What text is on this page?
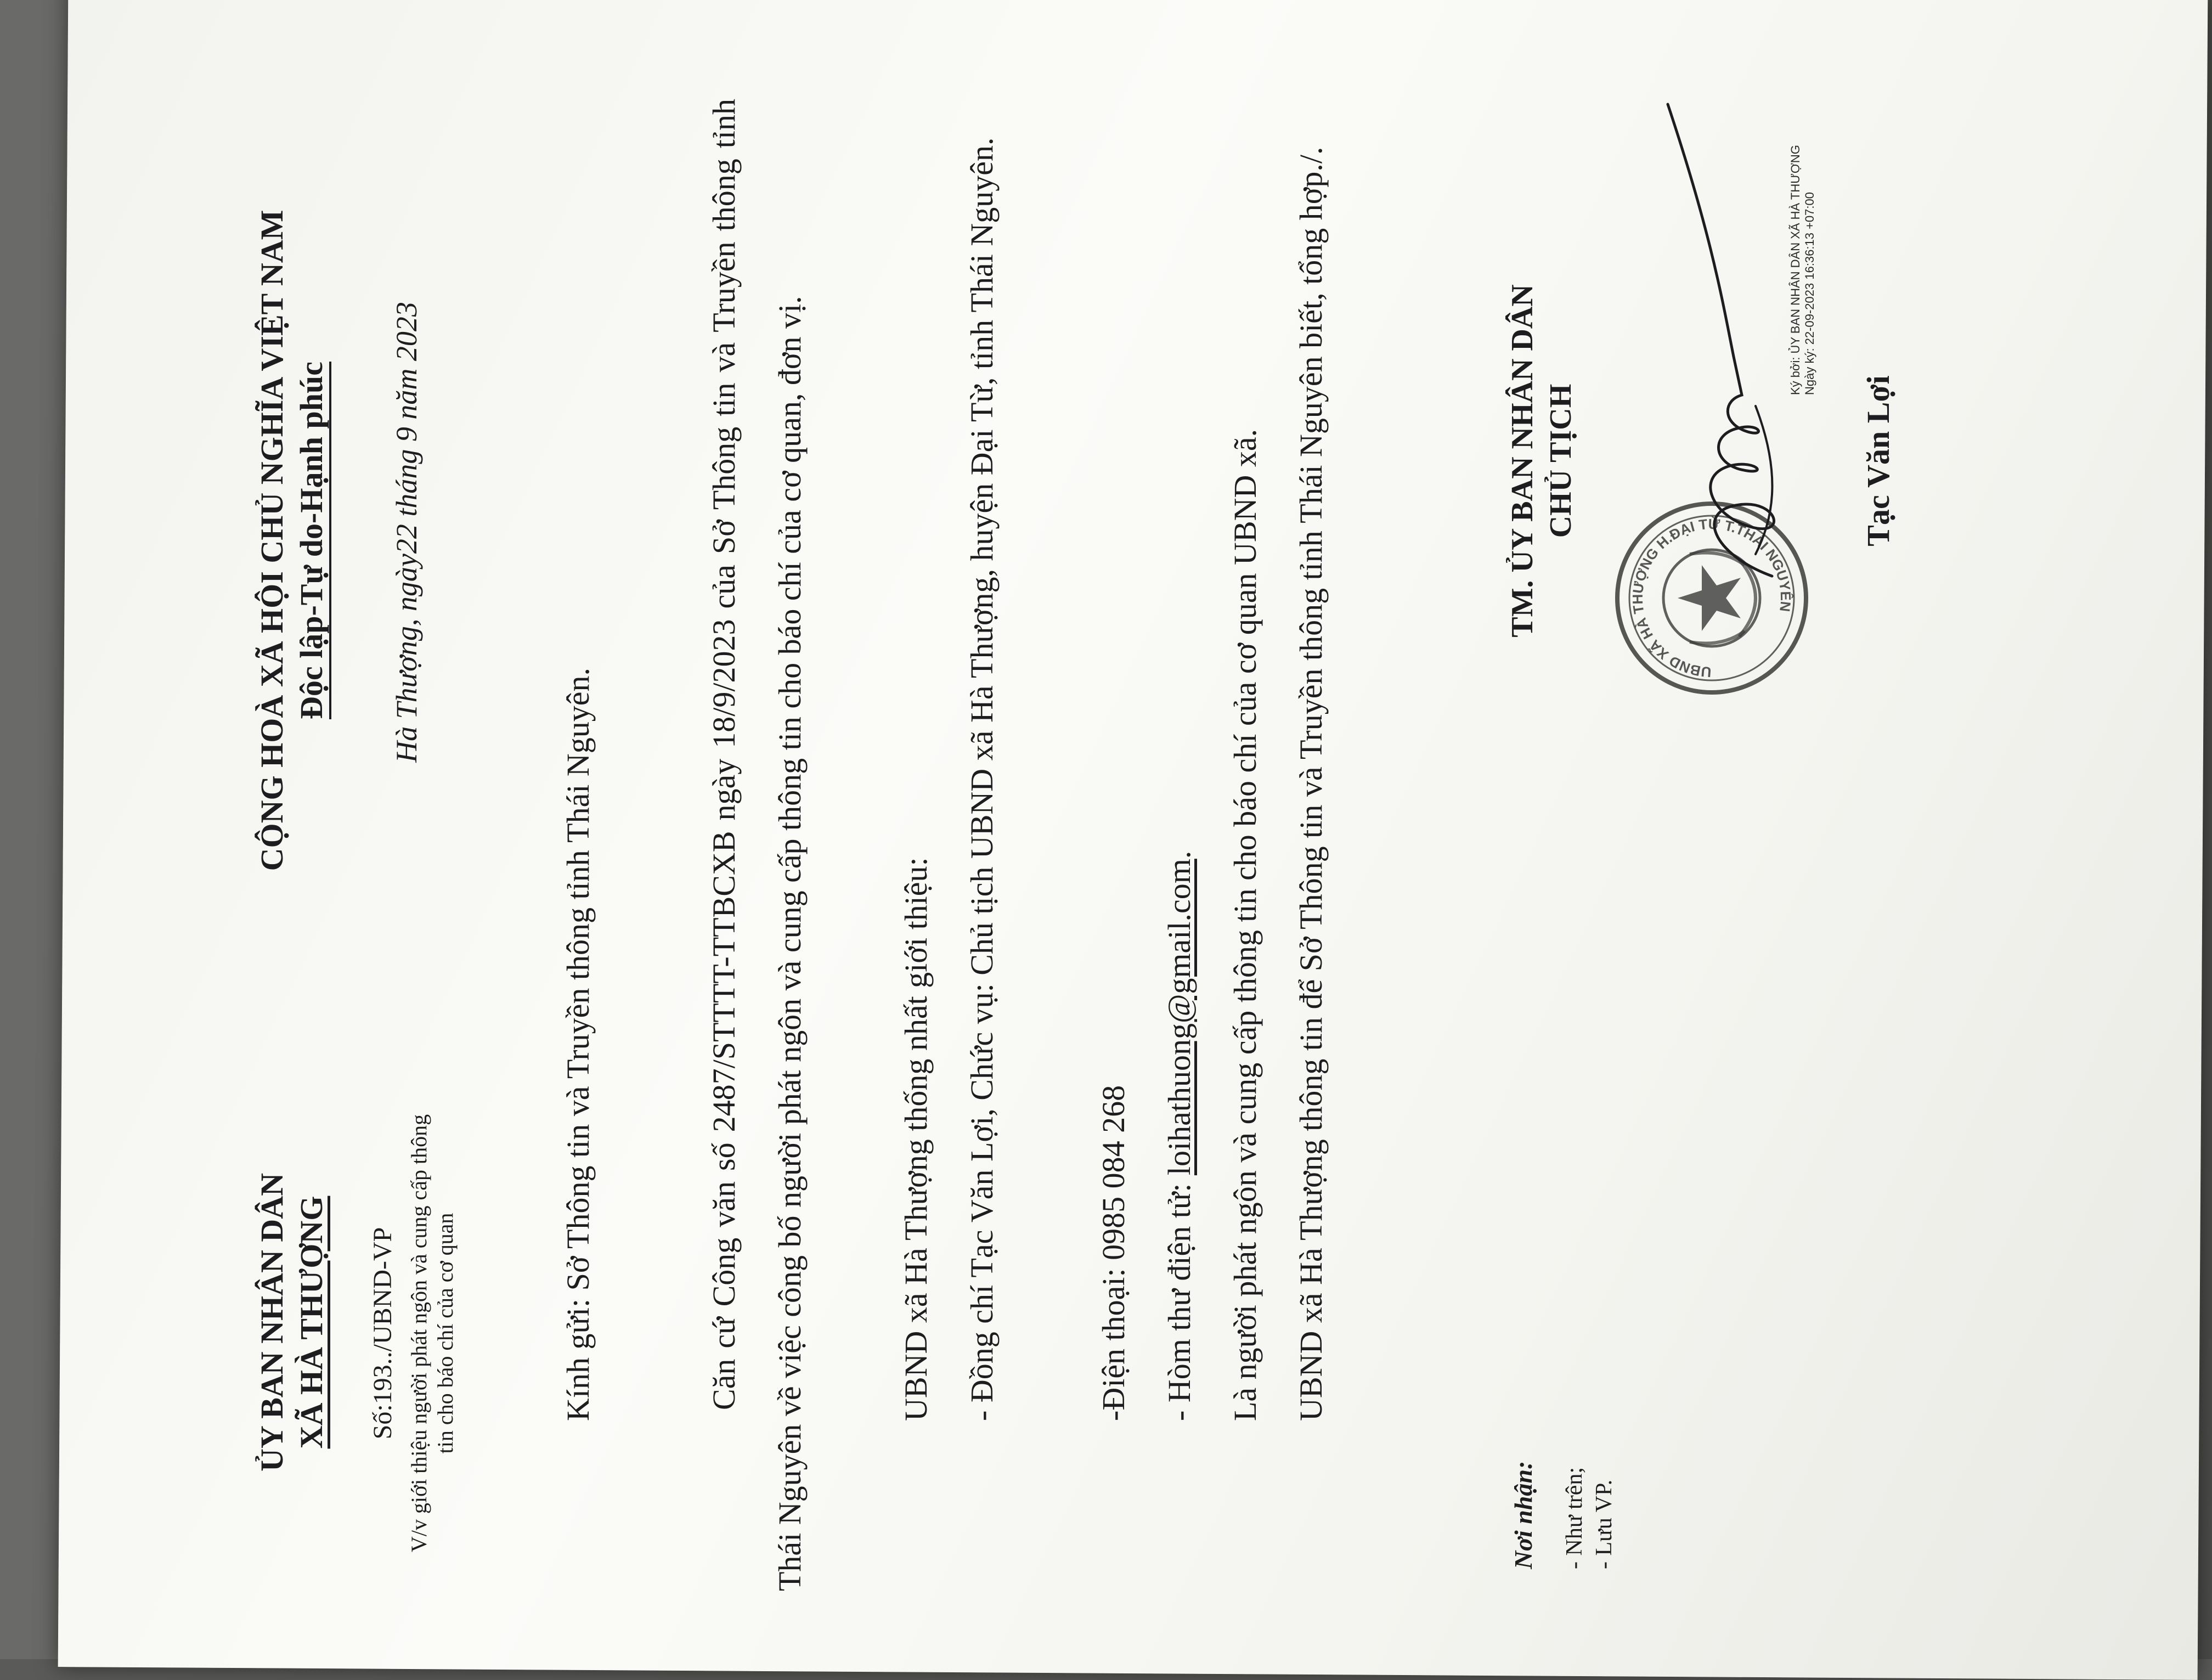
ỦY BAN NHÂN DÂN XÃ HÀ THƯỢNG
CỘNG HOÀ XÃ HỘI CHỦ NGHĨA VIỆT NAM Độc lập-Tự do-Hạnh phúc
Số:193../UBND-VP V/v giới thiệu người phát ngôn và cung cấp thông tin cho báo chí của cơ quan
Hà Thượng, ngày22 tháng 9 năm 2023
Kính gửi: Sở Thông tin và Truyền thông tỉnh Thái Nguyên.	Căn cứ Công văn số 2487/STTTT-TTBCXB ngày 18/9/2023 của Sở Thông tin và Truyền thông tỉnh Thái Nguyên về việc công bố người phát ngôn và cung cấp thông tin cho báo chí của cơ quan, đơn vị.	UBND xã Hà Thượng thống nhất giới thiệu: - Đồng chí Tạc Văn Lợi, Chức vụ: Chủ tịch UBND xã Hà Thượng, huyện Đại Từ, tỉnh Thái Nguyên.	-Điện thoại: 0985 084 268 - Hòm thư điện tử: loihathuong@gmail.com. Là người phát ngôn và cung cấp thông tin cho báo chí của cơ quan UBND xã. UBND xã Hà Thượng thông tin để Sở Thông tin và Truyền thông tỉnh Thái Nguyên biết, tổng hợp./.
Nơi nhận: - Như trên; - Lưu VP.
TM. ỦY BAN NHÂN DÂN CHỦ TỊCH
UBND XÃ HÀ THƯỢNG H.ĐẠI TỪ T.THÁI NGUYÊN
Ký bởi: ỦY BAN NHÂN DÂN XÃ HÀ THƯỢNG Ngày ký: 22-09-2023 16:36:13 +07:00
Tạc Văn Lợi
